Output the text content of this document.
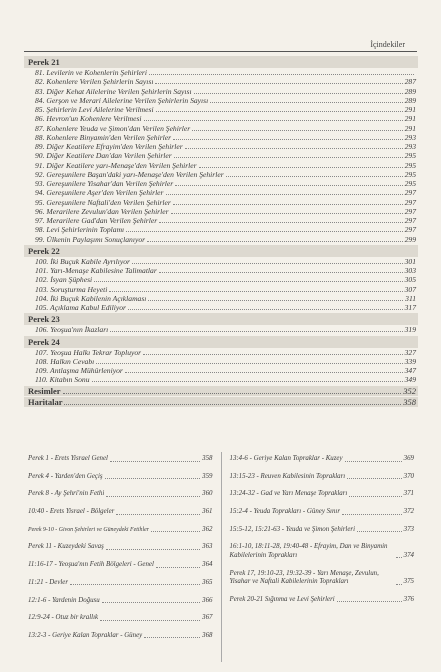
İçindekiler
Perek 21
81. Levilerin ve Kohenlerin Şehirleri
82. Kohenlere Verilen Şehirlerin Sayısı	287
83. Diğer Kehat Ailelerine Verilen Şehirlerin Sayısı	289
84. Gerşon ve Merari Ailelerine Verilen Şehirlerin Sayısı	289
85. Şehirlerin Levi Ailelerine Verilmesi	291
86. Hevron'un Kohenlere Verilmesi	291
87. Kohenlere Yeuda ve Şimon'dan Verilen Şehirler	291
88. Kohenlere Binyamin'den Verilen Şehirler	293
89. Diğer Keatilere Efrayim'den Verilen Şehirler	293
90. Diğer Keatilere Dan'dan Verilen Şehirler	295
91. Diğer Keatilere yarı-Menaşe'den Verilen Şehirler	295
92. Gereşunilere Başan'daki yarı-Menaşe'den Verilen Şehirler	295
93. Gereşunilere Yisahar'dan Verilen Şehirler	295
94. Gereşunilere Aşer'den Verilen Şehirler	297
95. Gereşunilere Naftali'den Verilen Şehirler	297
96. Merarilere Zevulun'dan Verilen Şehirler	297
97. Merarilere Gad'dan Verilen Şehirler	297
98. Levi Şehirlerinin Toplamı	297
99. Ülkenin Paylaşımı Sonuçlanıyor	299
Perek 22
100. İki Buçuk Kabile Ayrılıyor	301
101. Yarı-Menaşe Kabilesine Talimatlar	303
102. İsyan Şüphesi	305
103. Soruşturma Heyeti	307
104. İki Buçuk Kabilenin Açıklaması	311
105. Açıklama Kabul Ediliyor	317
Perek 23
106. Yeoşua'nın İkazları	319
Perek 24
107. Yeoşua Halkı Tekrar Topluyor	327
108. Halkın Cevabı	339
109. Antlaşma Mühürleniyor	347
110. Kitabın Sonu	349
Resimler	352
Haritalar	358
Perek 1 - Erets Yisrael Genel	358
Perek 4 - Yarden'den Geçiş	359
Perek 8 - Ay Şehri'nin Fethi	360
10:40 - Erets Yisrael - Bölgeler	361
Perek 9-10 - Givon Şehirleri ve Güneydeki Fetihler	362
Perek 11 - Kuzeydeki Savaş	363
11:16-17 - Yeoşua'nın Fetih Bölgeleri - Genel	364
11:21 - Devler	365
12:1-6 - Yardenin Doğusu	366
12:9-24 - Otuz bir krallık	367
13:2-3 - Geriye Kalan Topraklar - Güney	368
13:4-6 - Geriye Kalan Topraklar - Kuzey	369
13:15-23 - Reuven Kabilesinin Toprakları	370
13:24-32 - Gad ve Yarı Menaşe Toprakları	371
15:2-4 - Yeuda Toprakları - Güney Sınır	372
15:5-12, 15:21-63 - Yeuda ve Şimon Şehirleri	373
16:1-10, 18:11-28, 19:40-48 - Efrayim, Dan ve Binyamin Kabilelerinin Toprakları	374
Perek 17, 19:10-23, 19:32-39 - Yarı Menaşe, Zevulun, Yisahar ve Naftali Kabilelerinin Toprakları	375
Perek 20-21 Sığınma ve Levi Şehirleri	376
